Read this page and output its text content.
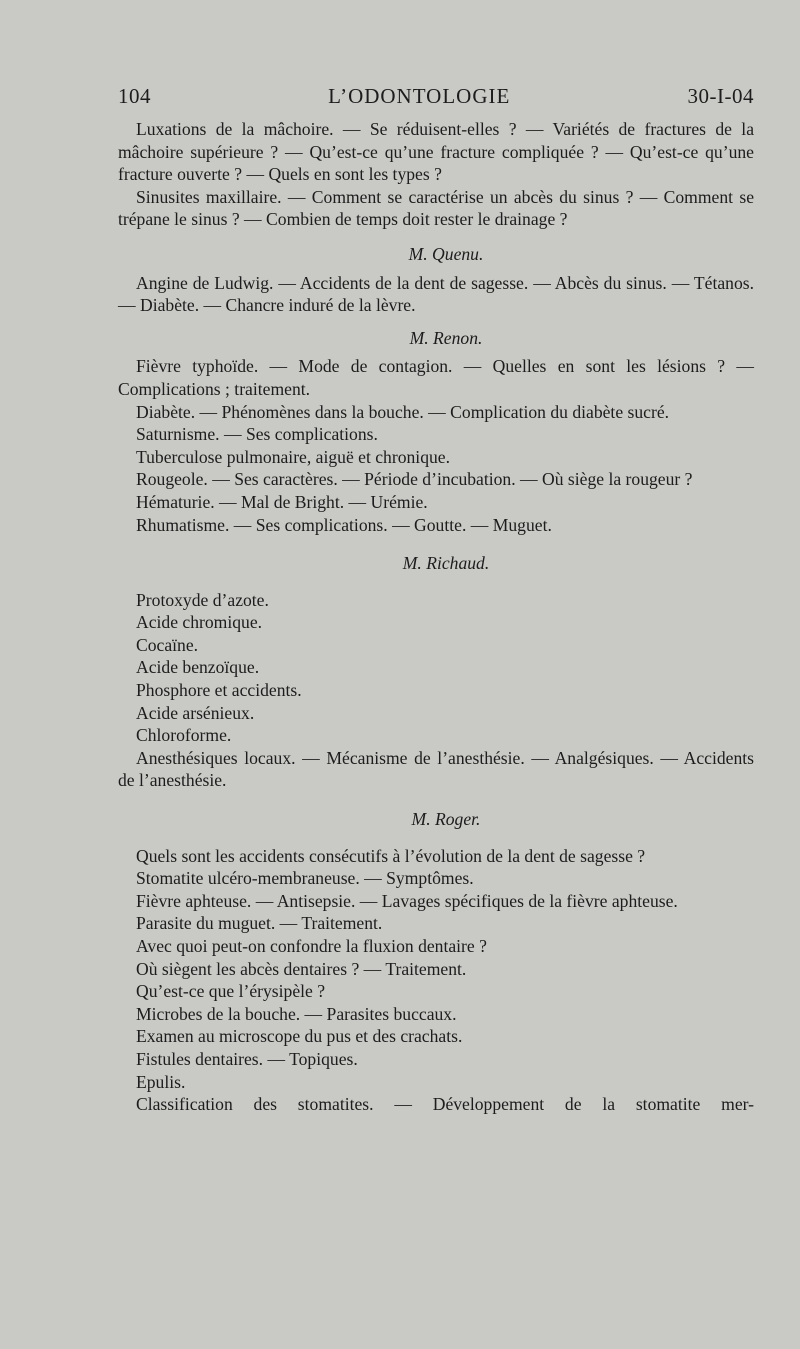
104	L’ODONTOLOGIE	30-I-04

Luxations de la mâchoire. — Se réduisent-elles ? — Variétés de fractures de la mâchoire supérieure ? — Qu’est-ce qu’une fracture compliquée ? — Qu’est-ce qu’une fracture ouverte ? — Quels en sont les types ?

Sinusites maxillaire. — Comment se caractérise un abcès du sinus ? — Comment se trépane le sinus ? — Combien de temps doit rester le drainage ?

M. Quenu.

Angine de Ludwig. — Accidents de la dent de sagesse. — Abcès du sinus. — Tétanos. — Diabète. — Chancre induré de la lèvre.

M. Renon.

Fièvre typhoïde. — Mode de contagion. — Quelles en sont les lésions ? — Complications ; traitement.

Diabète. — Phénomènes dans la bouche. — Complication du diabète sucré.

Saturnisme. — Ses complications.

Tuberculose pulmonaire, aiguë et chronique.

Rougeole. — Ses caractères. — Période d’incubation. — Où siège la rougeur ?

Hématurie. — Mal de Bright. — Urémie.

Rhumatisme. — Ses complications. — Goutte. — Muguet.

M. Richaud.

Protoxyde d’azote.

Acide chromique.

Cocaïne.

Acide benzoïque.

Phosphore et accidents.

Acide arsénieux.

Chloroforme.

Anesthésiques locaux. — Mécanisme de l’anesthésie. — Analgésiques. — Accidents de l’anesthésie.

M. Roger.

Quels sont les accidents consécutifs à l’évolution de la dent de sagesse ?

Stomatite ulcéro-membraneuse. — Symptômes.

Fièvre aphteuse. — Antisepsie. — Lavages spécifiques de la fièvre aphteuse.

Parasite du muguet. — Traitement.

Avec quoi peut-on confondre la fluxion dentaire ?

Où siègent les abcès dentaires ? — Traitement.

Qu’est-ce que l’érysipèle ?

Microbes de la bouche. — Parasites buccaux.

Examen au microscope du pus et des crachats.

Fistules dentaires. — Topiques.

Epulis.

Classification des stomatites. — Développement de la stomatite mer-
